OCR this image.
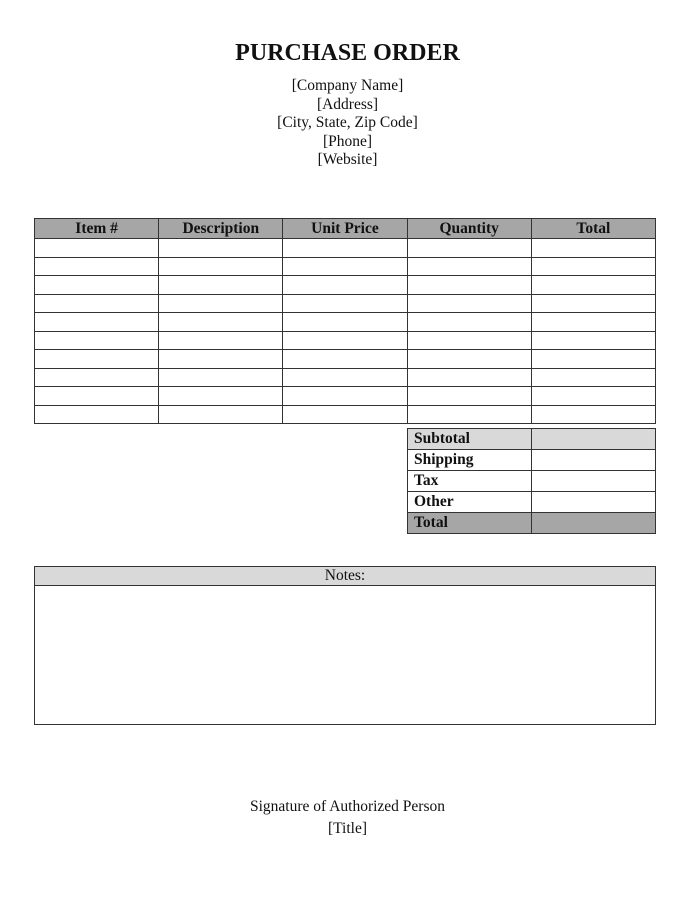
PURCHASE ORDER
[Company Name]
[Address]
[City, State, Zip Code]
[Phone]
[Website]
Item #	Description	Unit Price	Quantity	Total

Subtotal	
Shipping	
Tax	
Other	
Total	
Notes:
Signature of Authorized Person
[Title]
